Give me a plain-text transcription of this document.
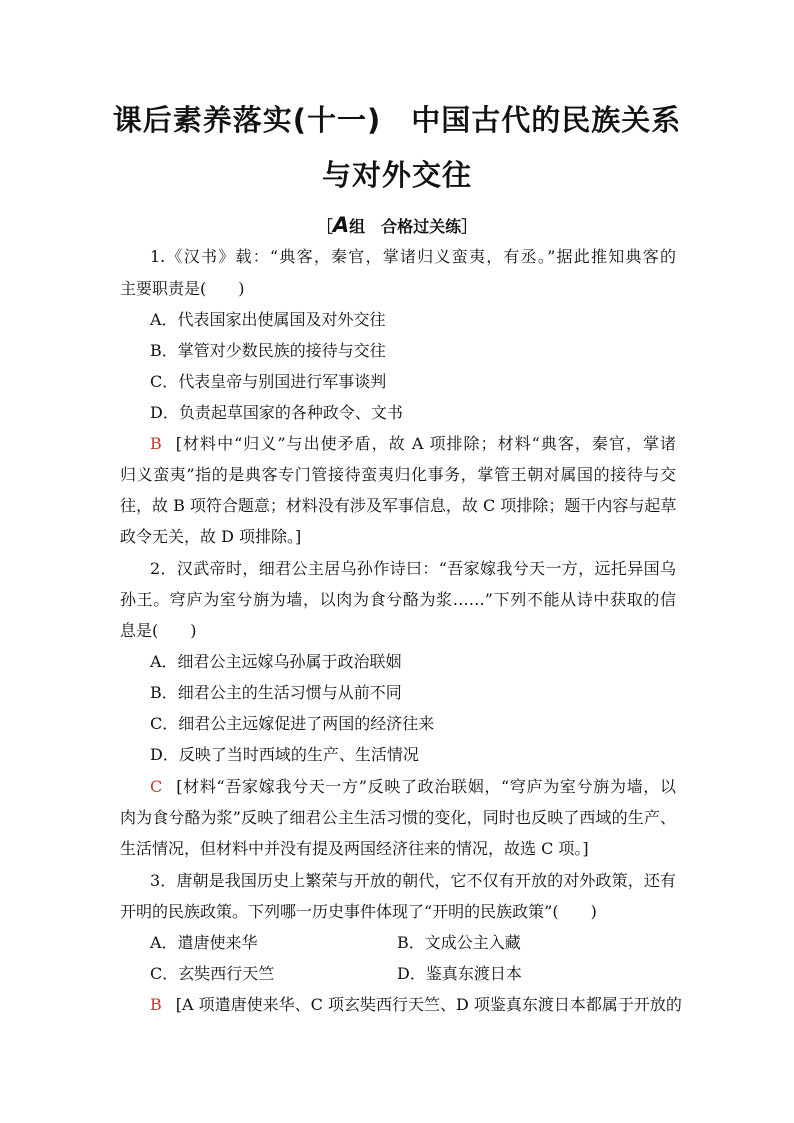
课后素养落实(十一)　中国古代的民族关系
与对外交往
［A组　合格过关练］
1.《汉书》载：“典客，秦官，掌诸归义蛮夷，有丞。”据此推知典客的
主要职责是(　　)
A．代表国家出使属国及对外交往
B．掌管对少数民族的接待与交往
C．代表皇帝与别国进行军事谈判
D．负责起草国家的各种政令、文书
B [材料中“归义”与出使矛盾，故 A 项排除；材料“典客，秦官，掌诸
归义蛮夷”指的是典客专门管接待蛮夷归化事务，掌管王朝对属国的接待与交
往，故 B 项符合题意；材料没有涉及军事信息，故 C 项排除；题干内容与起草
政令无关，故 D 项排除。]
2．汉武帝时，细君公主居乌孙作诗曰：“吾家嫁我兮天一方，远托异国乌
孙王。穹庐为室兮旃为墙，以肉为食兮酪为浆……”下列不能从诗中获取的信
息是(　　)
A．细君公主远嫁乌孙属于政治联姻
B．细君公主的生活习惯与从前不同
C．细君公主远嫁促进了两国的经济往来
D．反映了当时西域的生产、生活情况
C [材料“吾家嫁我兮天一方”反映了政治联姻，“穹庐为室兮旃为墙，以
肉为食兮酪为浆”反映了细君公主生活习惯的变化，同时也反映了西域的生产、
生活情况，但材料中并没有提及两国经济往来的情况，故选 C 项。]
3．唐朝是我国历史上繁荣与开放的朝代，它不仅有开放的对外政策，还有
开明的民族政策。下列哪一历史事件体现了“开明的民族政策”(　　)
A．遣唐使来华	B．文成公主入藏
C．玄奘西行天竺	D．鉴真东渡日本
B [A 项遣唐使来华、C 项玄奘西行天竺、D 项鉴真东渡日本都属于开放的
